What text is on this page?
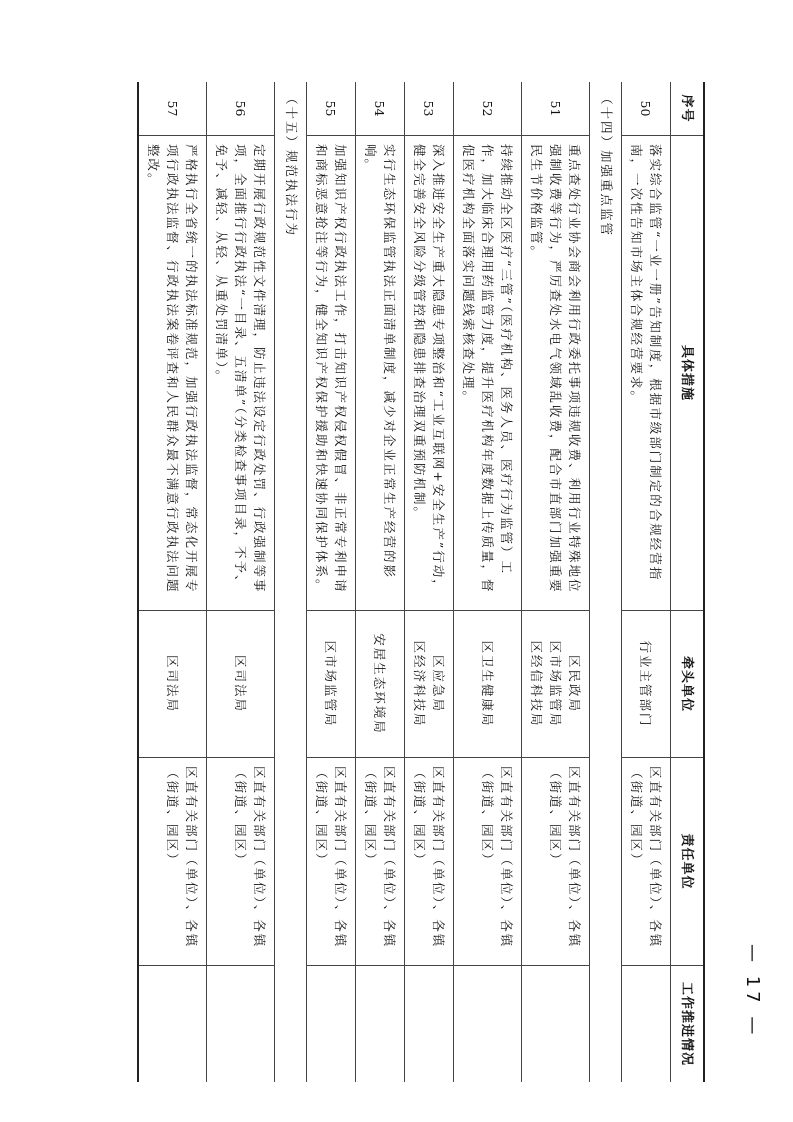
序号
具体措施
牵头单位
责任单位
工作推进情况
50
落实综合监管“一业一册”告知制度，根据市级部门制定的合规经营指南，一次性告知市场主体合规经营要求。
行业主管部门
区直有关部门（单位）、各镇（街道、园区）
（十四）加强重点监管
51
重点查处行业协会商会利用行政委托事项违规收费、利用行业特殊地位强制收费等行为，严厉查处水电气领域乱收费，配合市直部门加强重要民生节价格监管。
区民政局
区市场监管局
区经信科技局
区直有关部门（单位）、各镇（街道、园区）
52
持续推动全区医疗“三管”（医疗机构、医务人员、医疗行为监管）工作，加大临床合理用药监管力度，提升医疗机构年度数据上传质量，督促医疗机构全面落实问题线索核查处理。
区卫生健康局
区直有关部门（单位）、各镇（街道、园区）
53
深入推进安全生产重大隐患专项整治和“工业互联网+安全生产”行动，健全完善安全风险分级管控和隐患排查治理双重预防机制。
区应急局
区经济科技局
区直有关部门（单位）、各镇（街道、园区）
54
实行生态环保监管执法正面清单制度，减少对企业正常生产经营的影响。
安居生态环境局
区直有关部门（单位）、各镇（街道、园区）
55
加强知识产权行政执法工作，打击知识产权侵权假冒、非正常专利申请和商标恶意抢注等行为，健全知识产权保护援助和快速协同保护体系。
区市场监管局
区直有关部门（单位）、各镇（街道、园区）
（十五）规范执法行为
56
定期开展行政规范性文件清理，防止违法设定行政处罚、行政强制等事项，全面推行行政执法“一目录、五清单”（分类检查事项目录，不予、免予、减轻、从轻、从重处罚清单）。
区司法局
区直有关部门（单位）、各镇（街道、园区）
57
严格执行全省统一的执法标准规范，加强行政执法监督，常态化开展专项行政执法监督、行政执法案卷评查和人民群众最不满意行政执法问题整改。
区司法局
区直有关部门（单位）、各镇（街道、园区）
— 17 —
